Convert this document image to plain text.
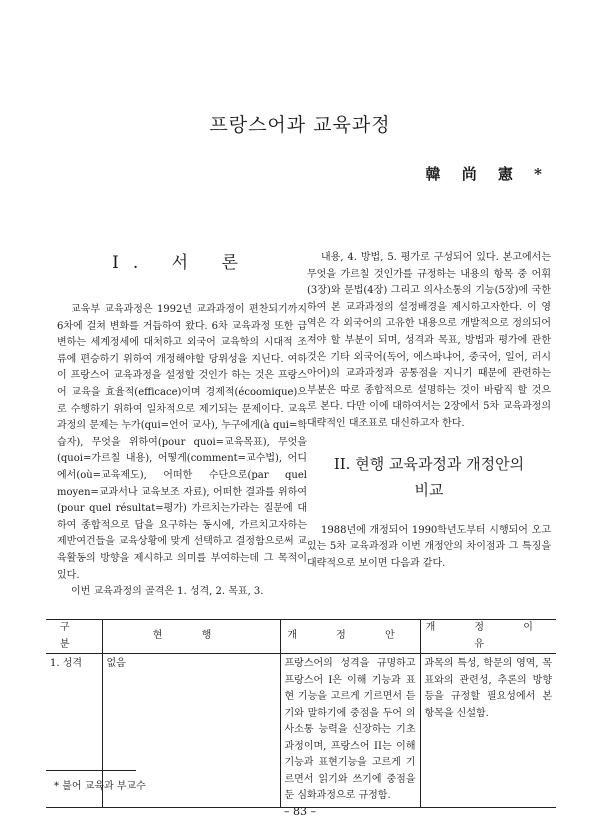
프랑스어과 교육과정
韓 尚 憲 *
I. 서 론

교육부 교육과정은 1992년 교과과정이 편찬되기까지 6차에 걸쳐 변화를 거듭하여 왔다. 6차 교육과정 또한 급변하는 세계정세에 대처하고 외국어 교육학의 시대적 조류에 편승하기 위하여 개정해야할 당위성을 지닌다. 여하이 프랑스어 교육과정을 설정할 것인가 하는 것은 프랑스어 교육을 효율적(efficace)이며 경제적(écoomique)으로 수행하기 위하여 일차적으로 제기되는 문제이다. 교육과정의 문제는 누가(qui=언어 교사), 누구에게(à qui=학습자), 무엇을 위하여(pour quoi=교육목표), 무엇을(quoi=가르칠 내용), 어떻게(comment=교수법), 어디에서(où=교육제도), 어떠한 수단으로(par quel moyen=교과서나 교육보조 자료), 어떠한 결과를 위하여(pour quel résultat=평가) 가르치는가라는 질문에 대하여 종합적으로 답을 요구하는 동시에, 가르치고자하는 제반여건들을 교육상황에 맞게 선택하고 결정함으로써 교육활동의 방향을 제시하고 의미를 부여하는데 그 목적이 있다.

이번 교육과정의 골격은 1. 성격, 2. 목표, 3.

내용, 4. 방법, 5. 평가로 구성되어 있다. 본고에서는 무엇을 가르칠 것인가를 규정하는 내용의 항목 중 어휘(3장)와 문법(4장) 그리고 의사소통의 기능(5장)에 국한하여 본 교과과정의 설정배경을 제시하고자한다. 이 영역은 각 외국어의 고유한 내용으로 개발적으로 정의되어져야 할 부분이 되며, 성격과 목표, 방법과 평가에 관한 것은 기타 외국어(독어, 에스파냐어, 중국어, 일어, 러시아어)의 교과과정과 공통점을 지니기 때문에 관련하는 부분은 따로 종합적으로 설명하는 것이 바람직 할 것으로 본다. 다만 이에 대하여서는 2장에서 5차 교육과정의 대략적인 대조표로 대신하고자 한다.

II. 현행 교육과정과 개정안의
비교

1988년에 개정되어 1990학년도부터 시행되어 오고있는 5차 교육과정과 이번 개정안의 차이점과 그 특징을 대략적으로 보이면 다음과 같다.

구 분	현 행	개 정 안	개 정 이 유
1. 성격	없음	프랑스어의 성격을 규명하고 프랑스어 I은 이해 기능과 표현 기능을 고르게 기르면서 듣기와 말하기에 중점을 두어 의사소통 능력을 신장하는 기초과정이며, 프랑스어 II는 이해 기능과 표현기능을 고르게 기르면서 읽기와 쓰기에 중점을 둔 심화과정으로 규정함.	과목의 특성, 학문의 영역, 목표와의 관련성, 추론의 방향 등을 규정할 필요성에서 본 항목을 신설함.
* 불어 교육과 부교수
– 83 –
